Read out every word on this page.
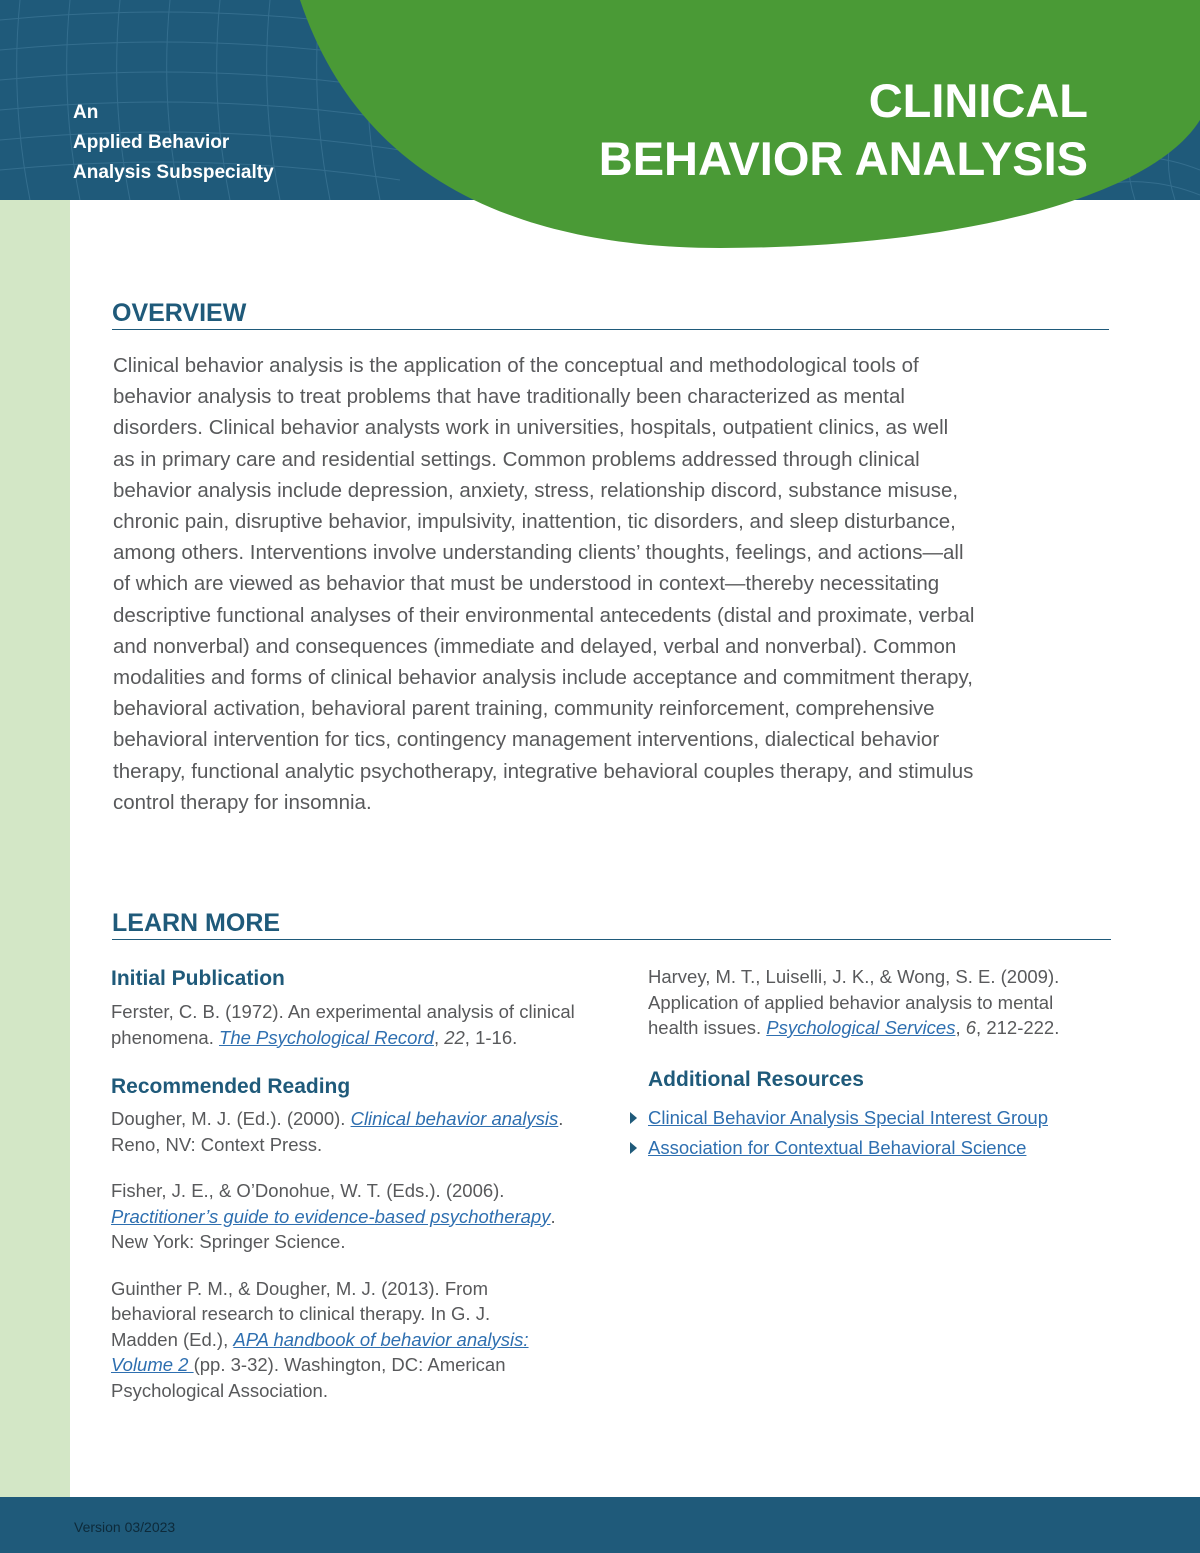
An
Applied Behavior
Analysis Subspecialty
CLINICAL
BEHAVIOR ANALYSIS
OVERVIEW
Clinical behavior analysis is the application of the conceptual and methodological tools of
behavior analysis to treat problems that have traditionally been characterized as mental
disorders. Clinical behavior analysts work in universities, hospitals, outpatient clinics, as well
as in primary care and residential settings. Common problems addressed through clinical
behavior analysis include depression, anxiety, stress, relationship discord, substance misuse,
chronic pain, disruptive behavior, impulsivity, inattention, tic disorders, and sleep disturbance,
among others. Interventions involve understanding clients’ thoughts, feelings, and actions—all
of which are viewed as behavior that must be understood in context—thereby necessitating
descriptive functional analyses of their environmental antecedents (distal and proximate, verbal
and nonverbal) and consequences (immediate and delayed, verbal and nonverbal). Common
modalities and forms of clinical behavior analysis include acceptance and commitment therapy,
behavioral activation, behavioral parent training, community reinforcement, comprehensive
behavioral intervention for tics, contingency management interventions, dialectical behavior
therapy, functional analytic psychotherapy, integrative behavioral couples therapy, and stimulus
control therapy for insomnia.
LEARN MORE
Initial Publication
Ferster, C. B. (1972). An experimental analysis of clinical
phenomena. The Psychological Record, 22, 1-16.
Recommended Reading
Dougher, M. J. (Ed.). (2000). Clinical behavior analysis.
Reno, NV: Context Press.
Fisher, J. E., & O’Donohue, W. T. (Eds.). (2006).
Practitioner’s guide to evidence-based psychotherapy.
New York: Springer Science.
Guinther P. M., & Dougher, M. J. (2013). From
behavioral research to clinical therapy. In G. J.
Madden (Ed.), APA handbook of behavior analysis:
Volume 2 (pp. 3-32). Washington, DC: American
Psychological Association.
Harvey, M. T., Luiselli, J. K., & Wong, S. E. (2009).
Application of applied behavior analysis to mental
health issues. Psychological Services, 6, 212-222.
Additional Resources
Clinical Behavior Analysis Special Interest Group
Association for Contextual Behavioral Science
Version 03/2023
